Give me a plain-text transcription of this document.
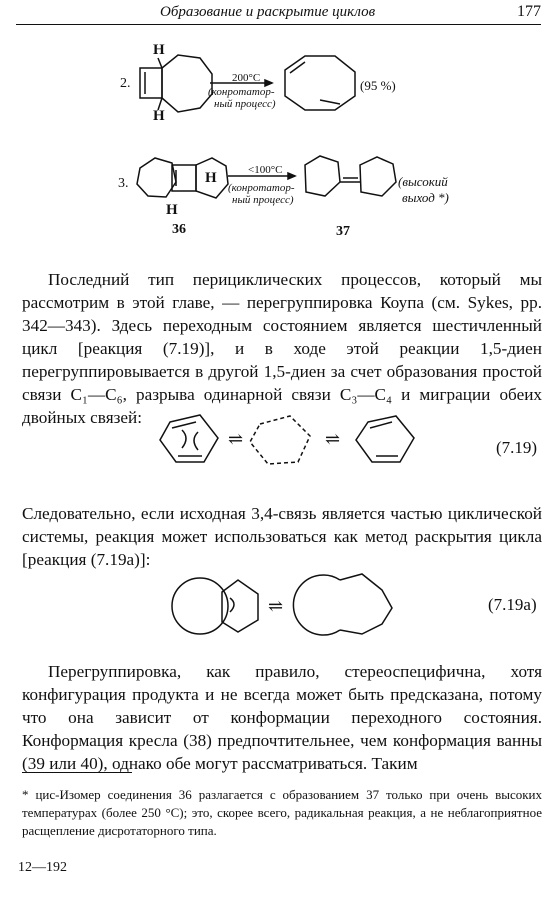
Образование и раскрытие циклов	177
⇌	⇌
⇌
2.
H
H
200°C
(конротатор-
ный процесс)
(95 %)
3.	H
H
<100°C
(конротатор-
ный процесс)
(высокий
выход *)
36	37
Последний тип перициклических процессов, который мы рассмотрим в этой главе, — перегруппировка Коупа (см. Sykes, pp. 342—343). Здесь переходным состоянием является шестичленный цикл [реакция (7.19)], и в ходе этой реакции 1,5-диен перегруппировывается в другой 1,5-диен за счет образования простой связи C₁—C₆, разрыва одинарной связи C₃—C₄ и миграции обеих двойных связей:
(7.19)
Следовательно, если исходная 3,4-связь является частью циклической системы, реакция может использоваться как метод раскрытия цикла [реакция (7.19а)]:
(7.19а)
Перегруппировка, как правило, стереоспецифична, хотя конфигурация продукта и не всегда может быть предсказана, потому что она зависит от конформации переходного состояния. Конформация кресла (38) предпочтительнее, чем конформация ванны (39 или 40), однако обе могут рассматриваться. Таким
* цис-Изомер соединения 36 разлагается с образованием 37 только при очень высоких температурах (более 250 °C); это, скорее всего, радикальная реакция, а не неблагоприятное расщепление дисротаторного типа.
12—192
